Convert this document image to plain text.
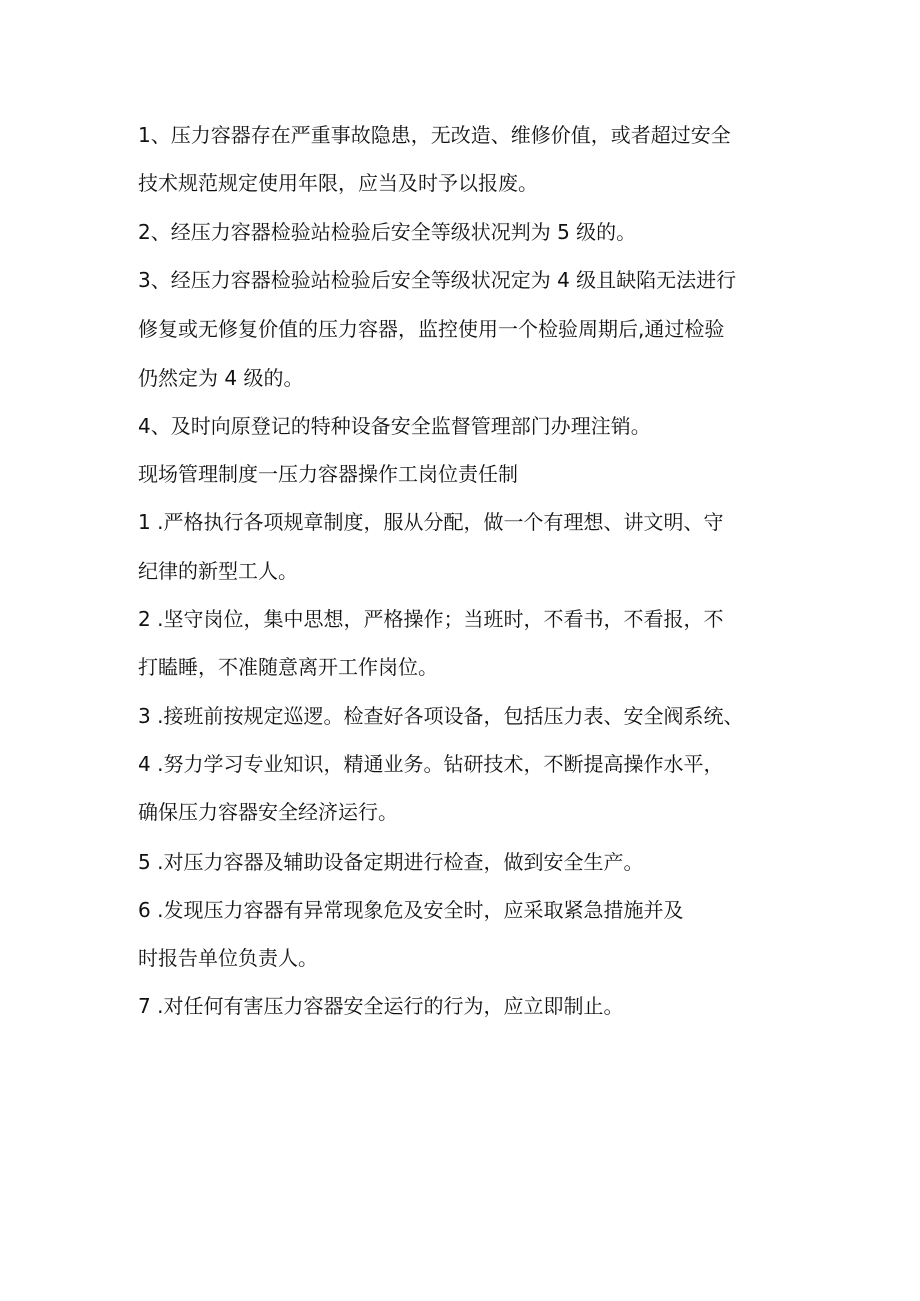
1、压力容器存在严重事故隐患，无改造、维修价值，或者超过安全

技术规范规定使用年限，应当及时予以报废。

2、经压力容器检验站检验后安全等级状况判为 5 级的。

3、经压力容器检验站检验后安全等级状况定为 4 级且缺陷无法进行

修复或无修复价值的压力容器，监控使用一个检验周期后,通过检验

仍然定为 4 级的。

4、及时向原登记的特种设备安全监督管理部门办理注销。

现场管理制度一压力容器操作工岗位责任制

1 .严格执行各项规章制度，服从分配，做一个有理想、讲文明、守

纪律的新型工人。

2 .坚守岗位，集中思想，严格操作；当班时，不看书，不看报，不

打瞌睡，不准随意离开工作岗位。

3 .接班前按规定巡逻。检查好各项设备，包括压力表、安全阀系统、

4 .努力学习专业知识，精通业务。钻研技术，不断提高操作水平，

确保压力容器安全经济运行。

5 .对压力容器及辅助设备定期进行检查，做到安全生产。

6 .发现压力容器有异常现象危及安全时，应采取紧急措施并及

时报告单位负责人。

7 .对任何有害压力容器安全运行的行为，应立即制止。
